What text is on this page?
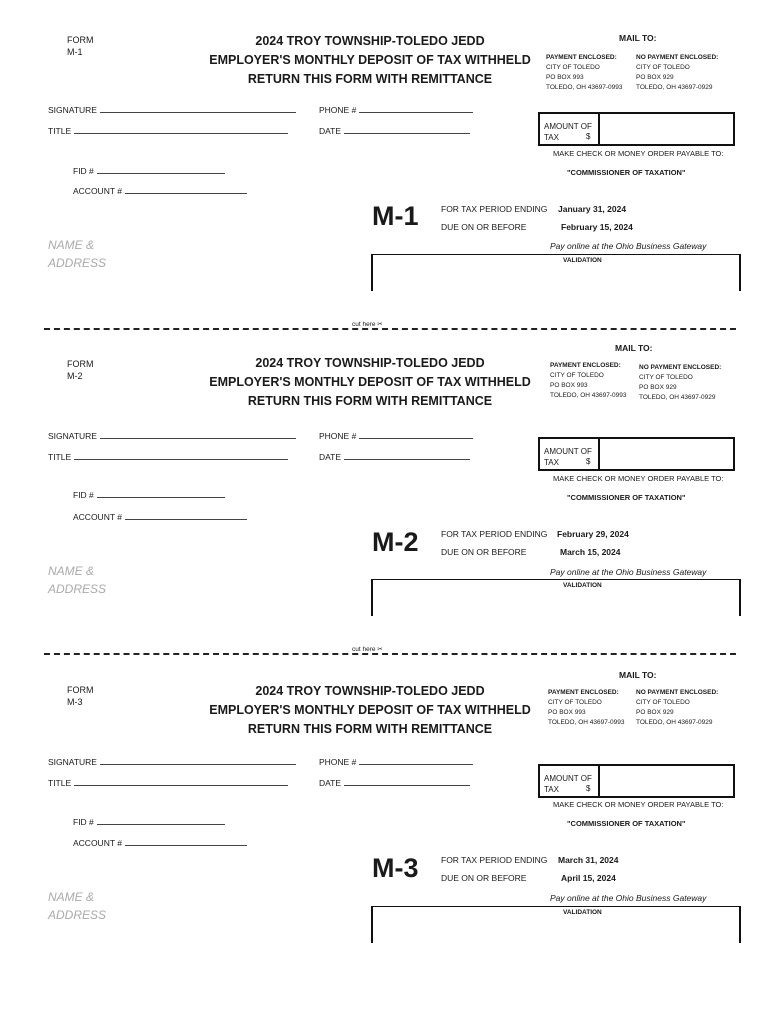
FORM
M-1
2024 TROY TOWNSHIP-TOLEDO JEDD
EMPLOYER'S MONTHLY DEPOSIT OF TAX WITHHELD
RETURN THIS FORM WITH REMITTANCE
MAIL TO:
PAYMENT ENCLOSED:
CITY OF TOLEDO
PO BOX 993
TOLEDO, OH 43697-0993
NO PAYMENT ENCLOSED:
CITY OF TOLEDO
PO BOX 929
TOLEDO, OH 43697-0929
SIGNATURE	PHONE #
TITLE	DATE	AMOUNT OF
TAX	$
MAKE CHECK OR MONEY ORDER PAYABLE TO:
"COMMISSIONER OF TAXATION"
FID #
ACCOUNT #
M-1	FOR TAX PERIOD ENDING January 31, 2024
DUE ON OR BEFORE	February 15, 2024
NAME &
ADDRESS
Pay online at the Ohio Business Gateway
VALIDATION
cut here ✂
FORM
M-2
2024 TROY TOWNSHIP-TOLEDO JEDD
EMPLOYER'S MONTHLY DEPOSIT OF TAX WITHHELD
RETURN THIS FORM WITH REMITTANCE
MAIL TO:
PAYMENT ENCLOSED:
CITY OF TOLEDO
PO BOX 993
TOLEDO, OH 43697-0993
NO PAYMENT ENCLOSED:
CITY OF TOLEDO
PO BOX 929
TOLEDO, OH 43697-0929
SIGNATURE	PHONE #
TITLE	DATE
AMOUNT OF
TAX	$
MAKE CHECK OR MONEY ORDER PAYABLE TO:
"COMMISSIONER OF TAXATION"
FID #
ACCOUNT #
M-2	FOR TAX PERIOD ENDING February 29, 2024
DUE ON OR BEFORE	March 15, 2024
NAME &
ADDRESS
Pay online at the Ohio Business Gateway
VALIDATION
cut here ✂
FORM
M-3
2024 TROY TOWNSHIP-TOLEDO JEDD
EMPLOYER'S MONTHLY DEPOSIT OF TAX WITHHELD
RETURN THIS FORM WITH REMITTANCE
MAIL TO:
PAYMENT ENCLOSED:
CITY OF TOLEDO
PO BOX 993
TOLEDO, OH 43697-0993
NO PAYMENT ENCLOSED:
CITY OF TOLEDO
PO BOX 929
TOLEDO, OH 43697-0929
SIGNATURE	PHONE #
TITLE	DATE	AMOUNT OF
TAX	$
MAKE CHECK OR MONEY ORDER PAYABLE TO:
"COMMISSIONER OF TAXATION"
FID #
ACCOUNT #
M-3	FOR TAX PERIOD ENDING March 31, 2024
DUE ON OR BEFORE	April 15, 2024
NAME &
ADDRESS
Pay online at the Ohio Business Gateway
VALIDATION
